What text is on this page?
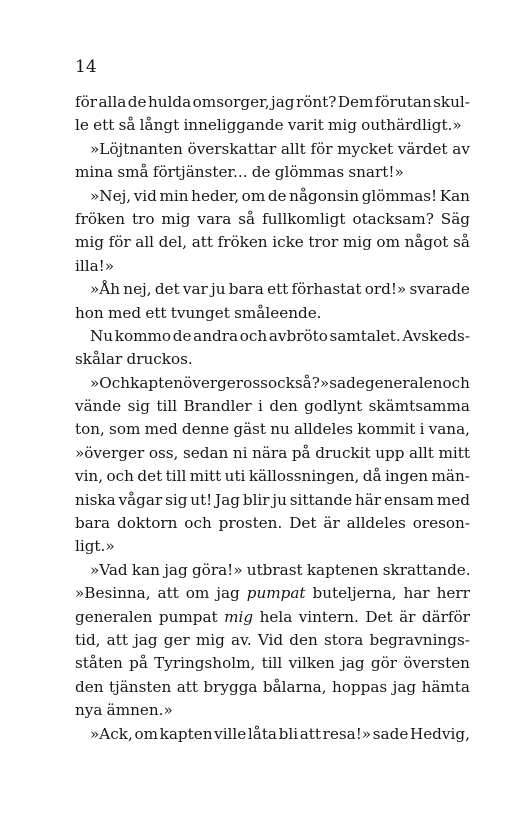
14
för alla de hulda omsorger, jag rönt? Dem förutan skul-
le ett så långt inneliggande varit mig outhärdligt.»
»Löjtnanten överskattar allt för mycket värdet av
mina små förtjänster... de glömmas snart!»
»Nej, vid min heder, om de någonsin glömmas! Kan
fröken tro mig vara så fullkomligt otacksam? Säg
mig för all del, att fröken icke tror mig om något så
illa!»
»Åh nej, det var ju bara ett förhastat ord!» svarade
hon med ett tvunget småleende.
Nu kommo de andra och avbröto samtalet. Avskeds-
skålar druckos.
»Och kapten överger oss också?» sade generalen och
vände sig till Brandler i den godlynt skämtsamma
ton, som med denne gäst nu alldeles kommit i vana,
»överger oss, sedan ni nära på druckit upp allt mitt
vin, och det till mitt uti källossningen, då ingen män-
niska vågar sig ut! Jag blir ju sittande här ensam med
bara doktorn och prosten. Det är alldeles oreson-
ligt.»
»Vad kan jag göra!» utbrast kaptenen skrattande.
»Besinna, att om jag pumpat buteljerna, har herr
generalen pumpat mig hela vintern. Det är därför
tid, att jag ger mig av. Vid den stora begravnings-
ståten på Tyringsholm, till vilken jag gör översten
den tjänsten att brygga bålarna, hoppas jag hämta
nya ämnen.»
»Ack, om kapten ville låta bli att resa!» sade Hedvig,
